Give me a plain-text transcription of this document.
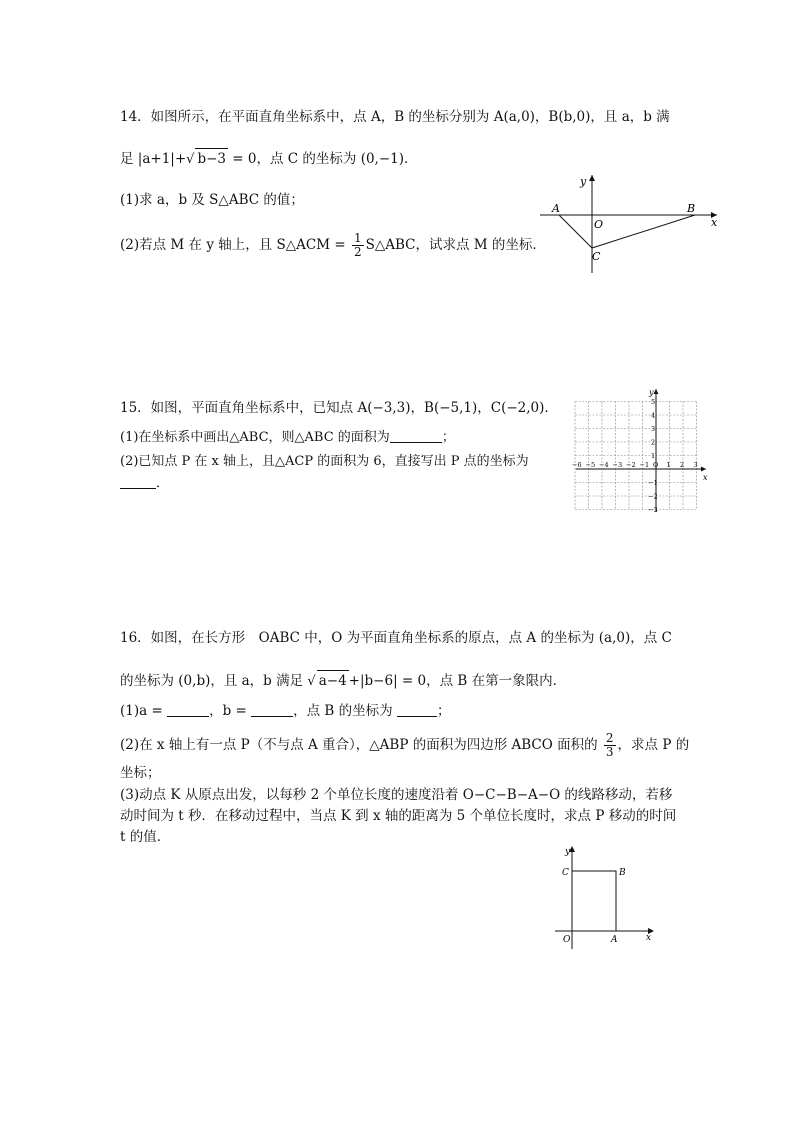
14．如图所示，在平面直角坐标系中，点 A，B 的坐标分别为 A(a,0)，B(b,0)，且 a，b 满
足 |a+1|+√ b−3 = 0，点 C 的坐标为 (0,−1)．
(1)求 a，b 及 S△ABC 的值；
(2)若点 M 在 y 轴上，且 S△ACM = $\frac{1}{2}$ S△ABC，试求点 M 的坐标．
y
A
O
B
x
C
15．如图，平面直角坐标系中，已知点 A(−3,3)，B(−5,1)，C(−2,0)．
(1)在坐标系中画出△ABC，则△ABC 的面积为	；
(2)已知点 P 在 x 轴上，且△ACP 的面积为 6，直接写出 P 点的坐标为
．
−6 −5 −4 −3 −2 −1 O 1 2 3
5
4
3
2
1
−1
−2
−3
x
y
16．如图，在长方形　OABC 中，O 为平面直角坐标系的原点，点 A 的坐标为 (a,0)，点 C
的坐标为 (0,b)，且 a，b 满足 √ a−4 +|b−6| = 0，点 B 在第一象限内．
(1)a =	，b =	，点 B 的坐标为	；
(2)在 x 轴上有一点 P（不与点 A 重合），△ABP 的面积为四边形 ABCO 面积的 $\frac{2}{3}$ ，求点 P 的
坐标；
(3)动点 K 从原点出发，以每秒 2 个单位长度的速度沿着 O−C−B−A−O 的线路移动，若移
动时间为 t 秒．在移动过程中，当点 K 到 x 轴的距离为 5 个单位长度时，求点 P 移动的时间
t 的值．
y
C	B
O	A	x
